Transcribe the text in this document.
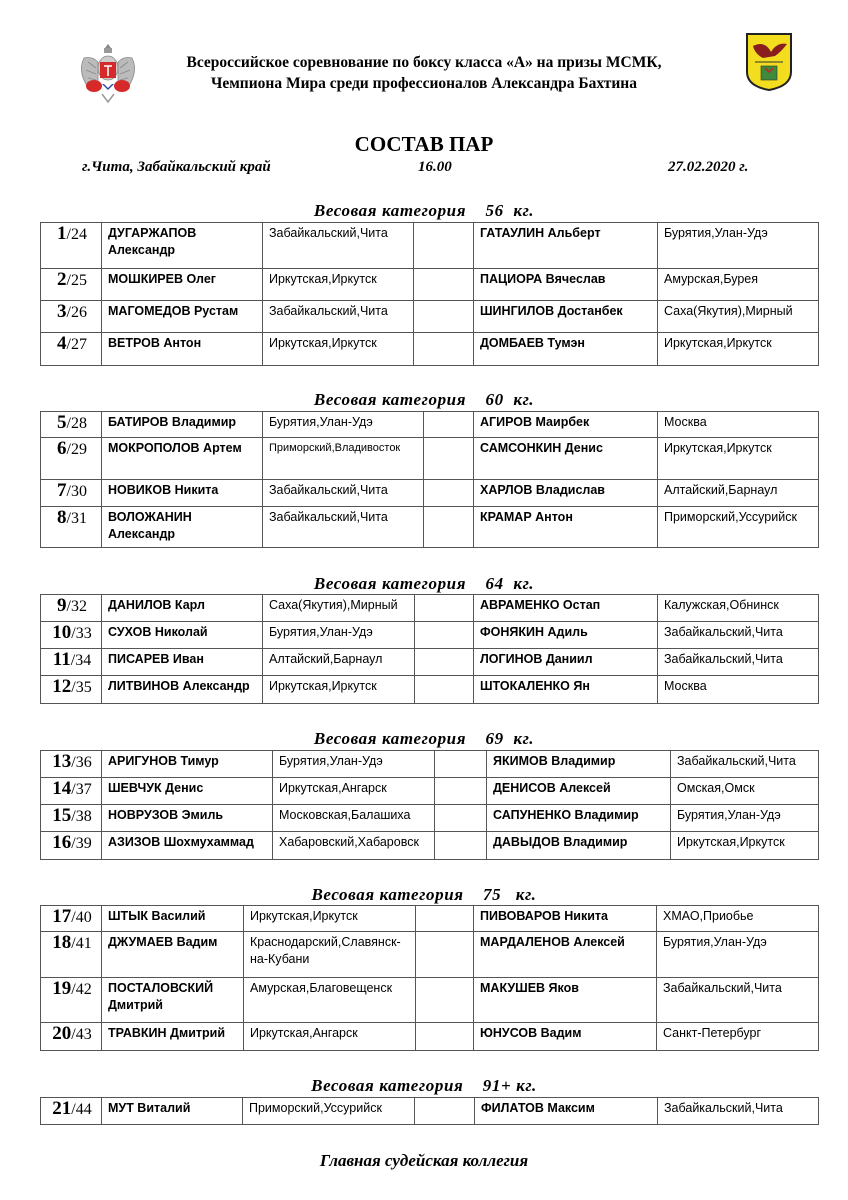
Всероссийское соревнование по боксу класса «А» на призы МСМК,
Чемпиона Мира среди профессионалов Александра Бахтина
СОСТАВ ПАР
г.Чита, Забайкальский край	16.00	27.02.2020 г.
Весовая категория    56  кг.
1/24	ДУГАРЖАПОВ Александр	Забайкальский,Чита		ГАТАУЛИН Альберт	Бурятия,Улан-Удэ
2/25	МОШКИРЕВ Олег	Иркутская,Иркутск		ПАЦИОРА Вячеслав	Амурская,Бурея
3/26	МАГОМЕДОВ Рустам	Забайкальский,Чита		ШИНГИЛОВ Достанбек	Саха(Якутия),Мирный
4/27	ВЕТРОВ Антон	Иркутская,Иркутск		ДОМБАЕВ Тумэн	Иркутская,Иркутск
Весовая категория    60  кг.
5/28	БАТИРОВ Владимир	Бурятия,Улан-Удэ		АГИРОВ Маирбек	Москва
6/29	МОКРОПОЛОВ Артем	Приморский,Владивосток		САМСОНКИН Денис	Иркутская,Иркутск
7/30	НОВИКОВ Никита	Забайкальский,Чита		ХАРЛОВ Владислав	Алтайский,Барнаул
8/31	ВОЛОЖАНИН Александр	Забайкальский,Чита		КРАМАР Антон	Приморский,Уссурийск
Весовая категория    64  кг.
9/32	ДАНИЛОВ Карл	Саха(Якутия),Мирный		АВРАМЕНКО Остап	Калужская,Обнинск
10/33	СУХОВ Николай	Бурятия,Улан-Удэ		ФОНЯКИН Адиль	Забайкальский,Чита
11/34	ПИСАРЕВ Иван	Алтайский,Барнаул		ЛОГИНОВ Даниил	Забайкальский,Чита
12/35	ЛИТВИНОВ Александр	Иркутская,Иркутск		ШТОКАЛЕНКО Ян	Москва
Весовая категория    69  кг.
13/36	АРИГУНОВ Тимур	Бурятия,Улан-Удэ		ЯКИМОВ Владимир	Забайкальский,Чита
14/37	ШЕВЧУК Денис	Иркутская,Ангарск		ДЕНИСОВ Алексей	Омская,Омск
15/38	НОВРУЗОВ Эмиль	Московская,Балашиха		САПУНЕНКО Владимир	Бурятия,Улан-Удэ
16/39	АЗИЗОВ Шохмухаммад	Хабаровский,Хабаровск		ДАВЫДОВ Владимир	Иркутская,Иркутск
Весовая категория    75   кг.
17/40	ШТЫК Василий	Иркутская,Иркутск		ПИВОВАРОВ Никита	ХМАО,Приобье
18/41	ДЖУМАЕВ Вадим	Краснодарский,Славянск-на-Кубани		МАРДАЛЕНОВ Алексей	Бурятия,Улан-Удэ
19/42	ПОСТАЛОВСКИЙ Дмитрий	Амурская,Благовещенск		МАКУШЕВ Яков	Забайкальский,Чита
20/43	ТРАВКИН Дмитрий	Иркутская,Ангарск		ЮНУСОВ Вадим	Санкт-Петербург
Весовая категория    91+ кг.
21/44	МУТ Виталий	Приморский,Уссурийск		ФИЛАТОВ Максим	Забайкальский,Чита
Главная судейская коллегия
